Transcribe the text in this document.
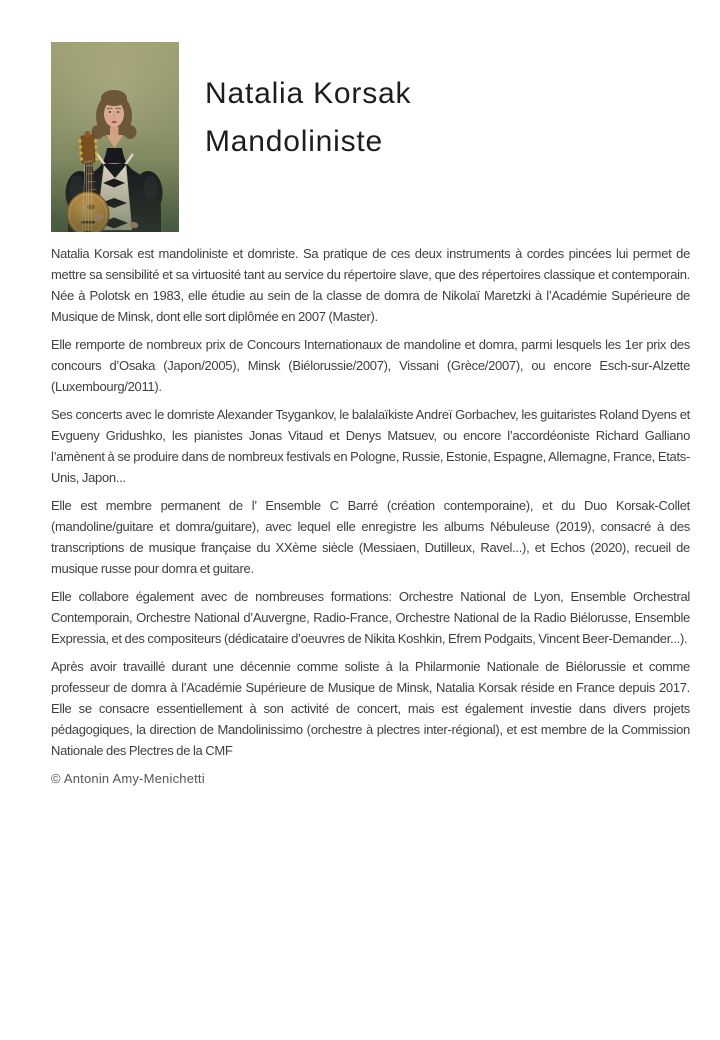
Natalia Korsak
Mandoliniste

Natalia Korsak est mandoliniste et domriste. Sa pratique de ces deux instruments à cordes pincées lui permet de mettre sa sensibilité et sa virtuosité tant au service du répertoire slave, que des répertoires classique et contemporain. Née à Polotsk en 1983, elle étudie au sein de la classe de domra de Nikolaï Maretzki à l’Académie Supérieure de Musique de Minsk, dont elle sort diplômée en 2007 (Master).

Elle remporte de nombreux prix de Concours Internationaux de mandoline et domra, parmi lesquels les 1er prix des concours d’Osaka (Japon/2005), Minsk (Biélorussie/2007), Vissani (Grèce/2007), ou encore Esch-sur-Alzette (Luxembourg/2011).

Ses concerts avec le domriste Alexander Tsygankov, le balalaïkiste Andreï Gorbachev, les guitaristes Roland Dyens et Evgueny Gridushko, les pianistes Jonas Vitaud et Denys Matsuev, ou encore l’accordéoniste Richard Galliano l’amènent à se produire dans de nombreux festivals en Pologne, Russie, Estonie, Espagne, Allemagne, France, Etats-Unis, Japon...

Elle est membre permanent de l’ Ensemble C Barré (création contemporaine), et du Duo Korsak-Collet (mandoline/guitare et domra/guitare), avec lequel elle enregistre les albums Nébuleuse (2019), consacré à des transcriptions de musique française du XXème siècle (Messiaen, Dutilleux, Ravel...), et Echos (2020), recueil de musique russe pour domra et guitare.

Elle collabore également avec de nombreuses formations: Orchestre National de Lyon, Ensemble Orchestral Contemporain, Orchestre National d’Auvergne, Radio-France, Orchestre National de la Radio Biélorusse, Ensemble Expressia, et des compositeurs (dédicataire d’oeuvres de Nikita Koshkin, Efrem Podgaits, Vincent Beer-Demander...).

Après avoir travaillé durant une décennie comme soliste à la Philarmonie Nationale de Biélorussie et comme professeur de domra à l’Académie Supérieure de Musique de Minsk, Natalia Korsak réside en France depuis 2017. Elle se consacre essentiellement à son activité de concert, mais est également investie dans divers projets pédagogiques, la direction de Mandolinissimo (orchestre à plectres inter-régional), et est membre de la Commission Nationale des Plectres de la CMF

© Antonin Amy-Menichetti
